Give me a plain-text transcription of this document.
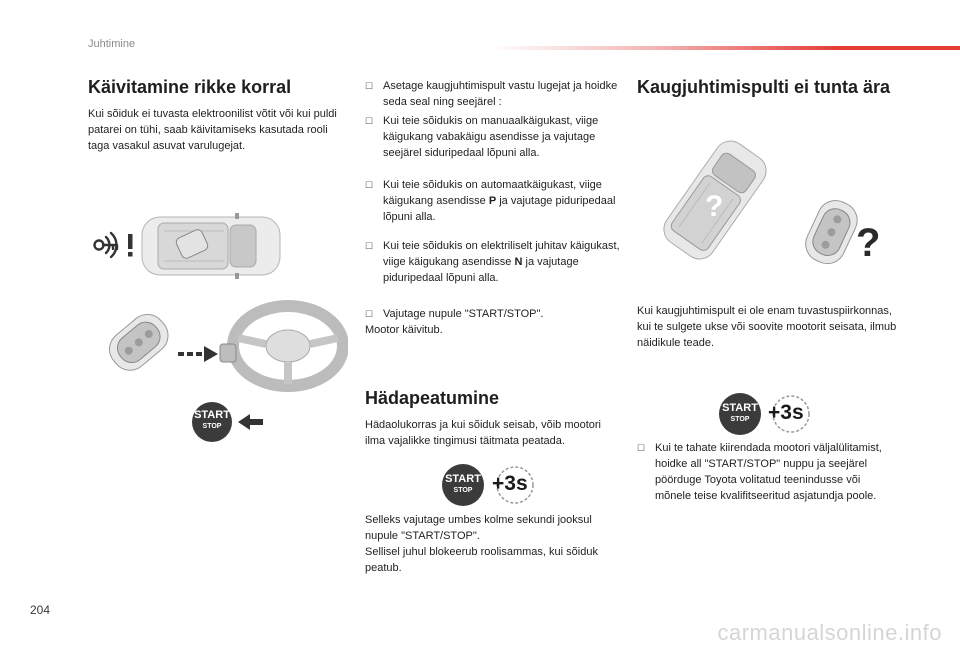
Juhtimine
Käivitamine rikke korral
Kui sõiduk ei tuvasta elektroonilist võtit või kui puldi patarei on tühi, saab käivitamiseks kasutada rooli taga vasakul asuvat varulugejat.
START
STOP
☐ Asetage kaugjuhtimispult vastu lugejat ja hoidke seda seal ning seejärel :
☐ Kui teie sõidukis on manuaalkäigukast, viige käigukang vabakäigu asendisse ja vajutage seejärel siduripedaal lõpuni alla.
☐ Kui teie sõidukis on automaatkäigukast, viige käigukang asendisse P ja vajutage piduripedaal lõpuni alla.
☐ Kui teie sõidukis on elektriliselt juhitav käigukast, viige käigukang asendisse N ja vajutage piduripedaal lõpuni alla.
☐ Vajutage nupule "START/STOP".
Mootor käivitub.
Hädapeatumine
Hädaolukorras ja kui sõiduk seisab, võib mootori ilma vajalikke tingimusi täitmata peatada.
START
STOP +3s
Selleks vajutage umbes kolme sekundi jooksul nupule "START/STOP".
Sellisel juhul blokeerub roolisammas, kui sõiduk peatub.
Kaugjuhtimispulti ei tunta ära
?
?
Kui kaugjuhtimispult ei ole enam tuvastuspiirkonnas, kui te sulgete ukse või soovite mootorit seisata, ilmub näidikule teade.
START
STOP +3s
☐ Kui te tahate kiirendada mootori väljalülitamist, hoidke all "START/STOP" nuppu ja seejärel pöörduge Toyota volitatud teenindusse või mõnele teise kvalifitseeritud asjatundja poole.
204
carmanualsonline.info
